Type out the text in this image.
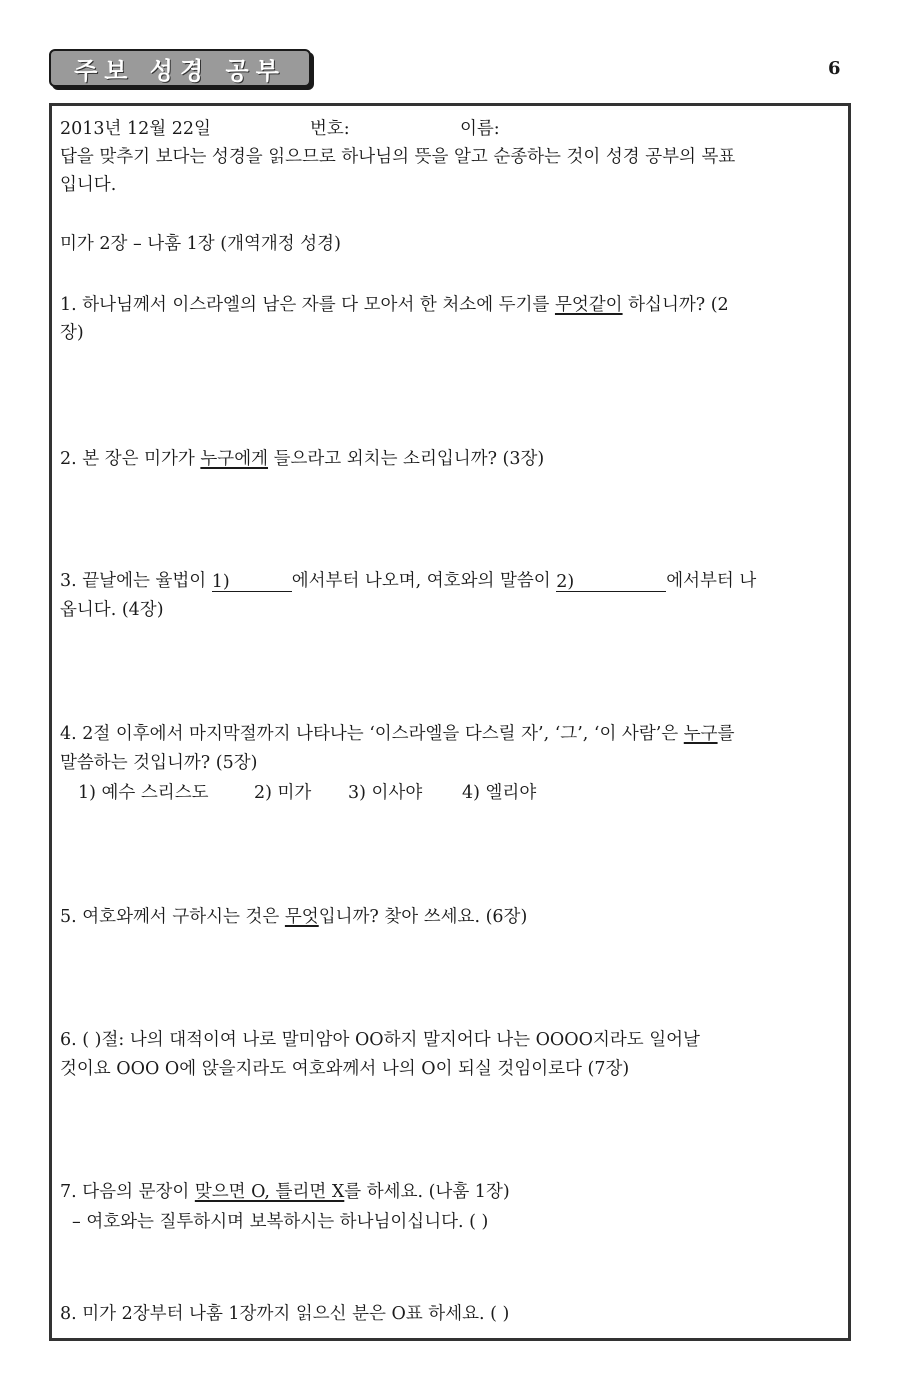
주보 성경 공부	6
2013년 12월 22일	번호:	이름:
답을 맞추기 보다는 성경을 읽으므로 하나님의 뜻을 알고 순종하는 것이 성경 공부의 목표
입니다.
미가 2장 – 나훔 1장 (개역개정 성경)
1. 하나님께서 이스라엘의 남은 자를 다 모아서 한 처소에 두기를 무엇같이 하십니까? (2
장)
2. 본 장은 미가가 누구에게 들으라고 외치는 소리입니까? (3장)
3. 끝날에는 율법이 1)	에서부터 나오며, 여호와의 말씀이 2)	에서부터 나
옵니다. (4장)
4. 2절 이후에서 마지막절까지 나타나는 ‘이스라엘을 다스릴 자’, ‘그’, ‘이 사람’은 누구를
말씀하는 것입니까? (5장)
1) 예수 스리스도	2) 미가 3) 이사야 4) 엘리야
5. 여호와께서 구하시는 것은 무엇입니까? 찾아 쓰세요. (6장)
6. ( )절: 나의 대적이여 나로 말미암아 OO하지 말지어다 나는 OOOO지라도 일어날
것이요 OOO O에 앉을지라도 여호와께서 나의 O이 되실 것임이로다 (7장)
7. 다음의 문장이 맞으면 O, 틀리면 X를 하세요. (나훔 1장)
– 여호와는 질투하시며 보복하시는 하나님이십니다. ( )
8. 미가 2장부터 나훔 1장까지 읽으신 분은 O표 하세요. ( )
